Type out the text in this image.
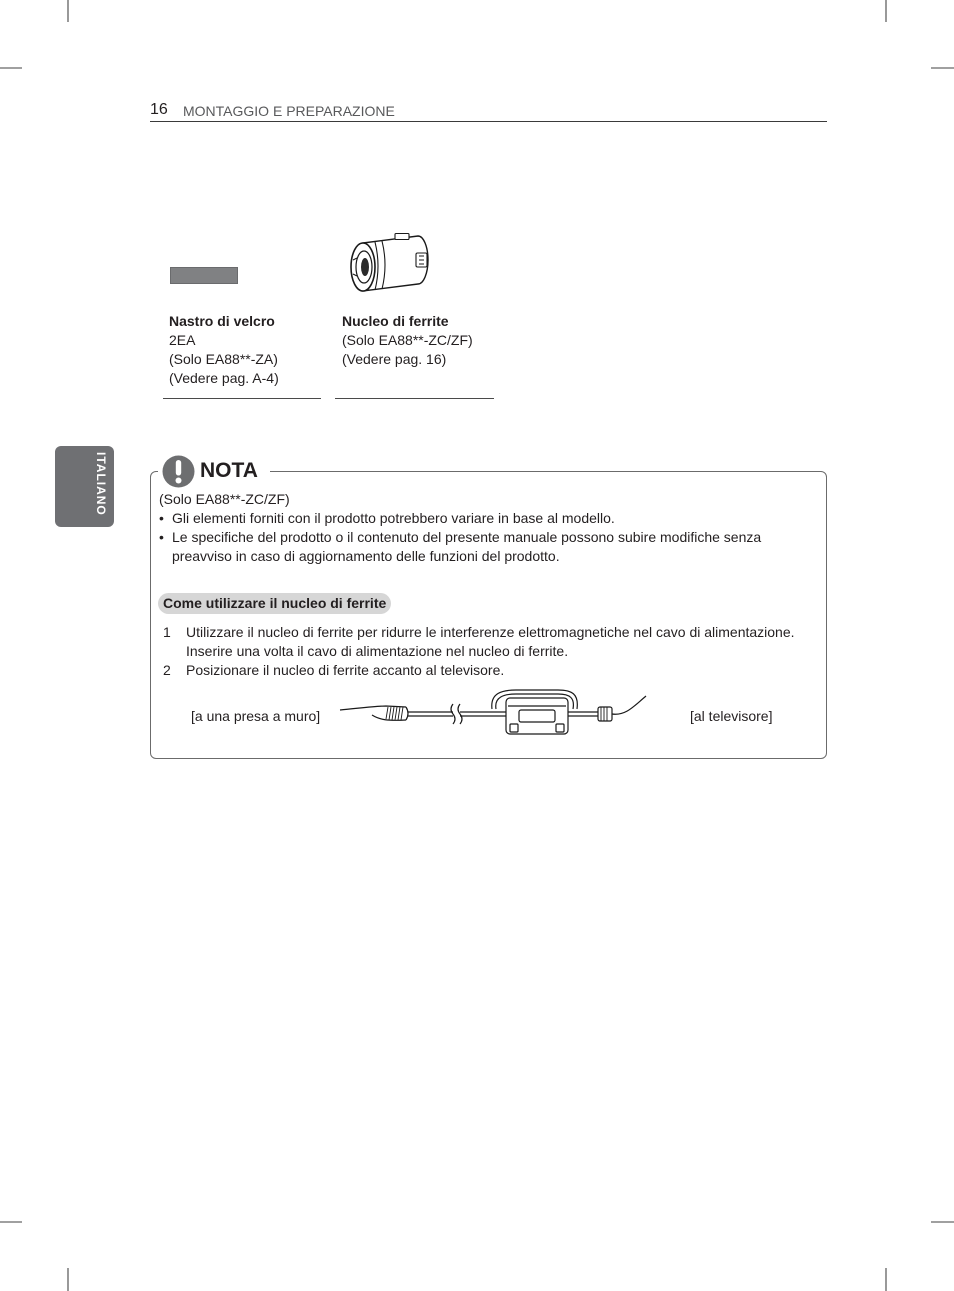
16 MONTAGGIO E PREPARAZIONE
Nastro di velcro
2EA
(Solo EA88**-ZA)
(Vedere pag. A-4)
Nucleo di ferrite
(Solo EA88**-ZC/ZF)
(Vedere pag. 16)
ITALIANO	NOTA
(Solo EA88**-ZC/ZF)
• Gli elementi forniti con il prodotto potrebbero variare in base al modello.
• Le specifiche del prodotto o il contenuto del presente manuale possono subire modifiche senza
preavviso in caso di aggiornamento delle funzioni del prodotto.
Come utilizzare il nucleo di ferrite
1 Utilizzare il nucleo di ferrite per ridurre le interferenze elettromagnetiche nel cavo di alimentazione.
Inserire una volta il cavo di alimentazione nel nucleo di ferrite.
2 Posizionare il nucleo di ferrite accanto al televisore.
[a una presa a muro]	[al televisore]
